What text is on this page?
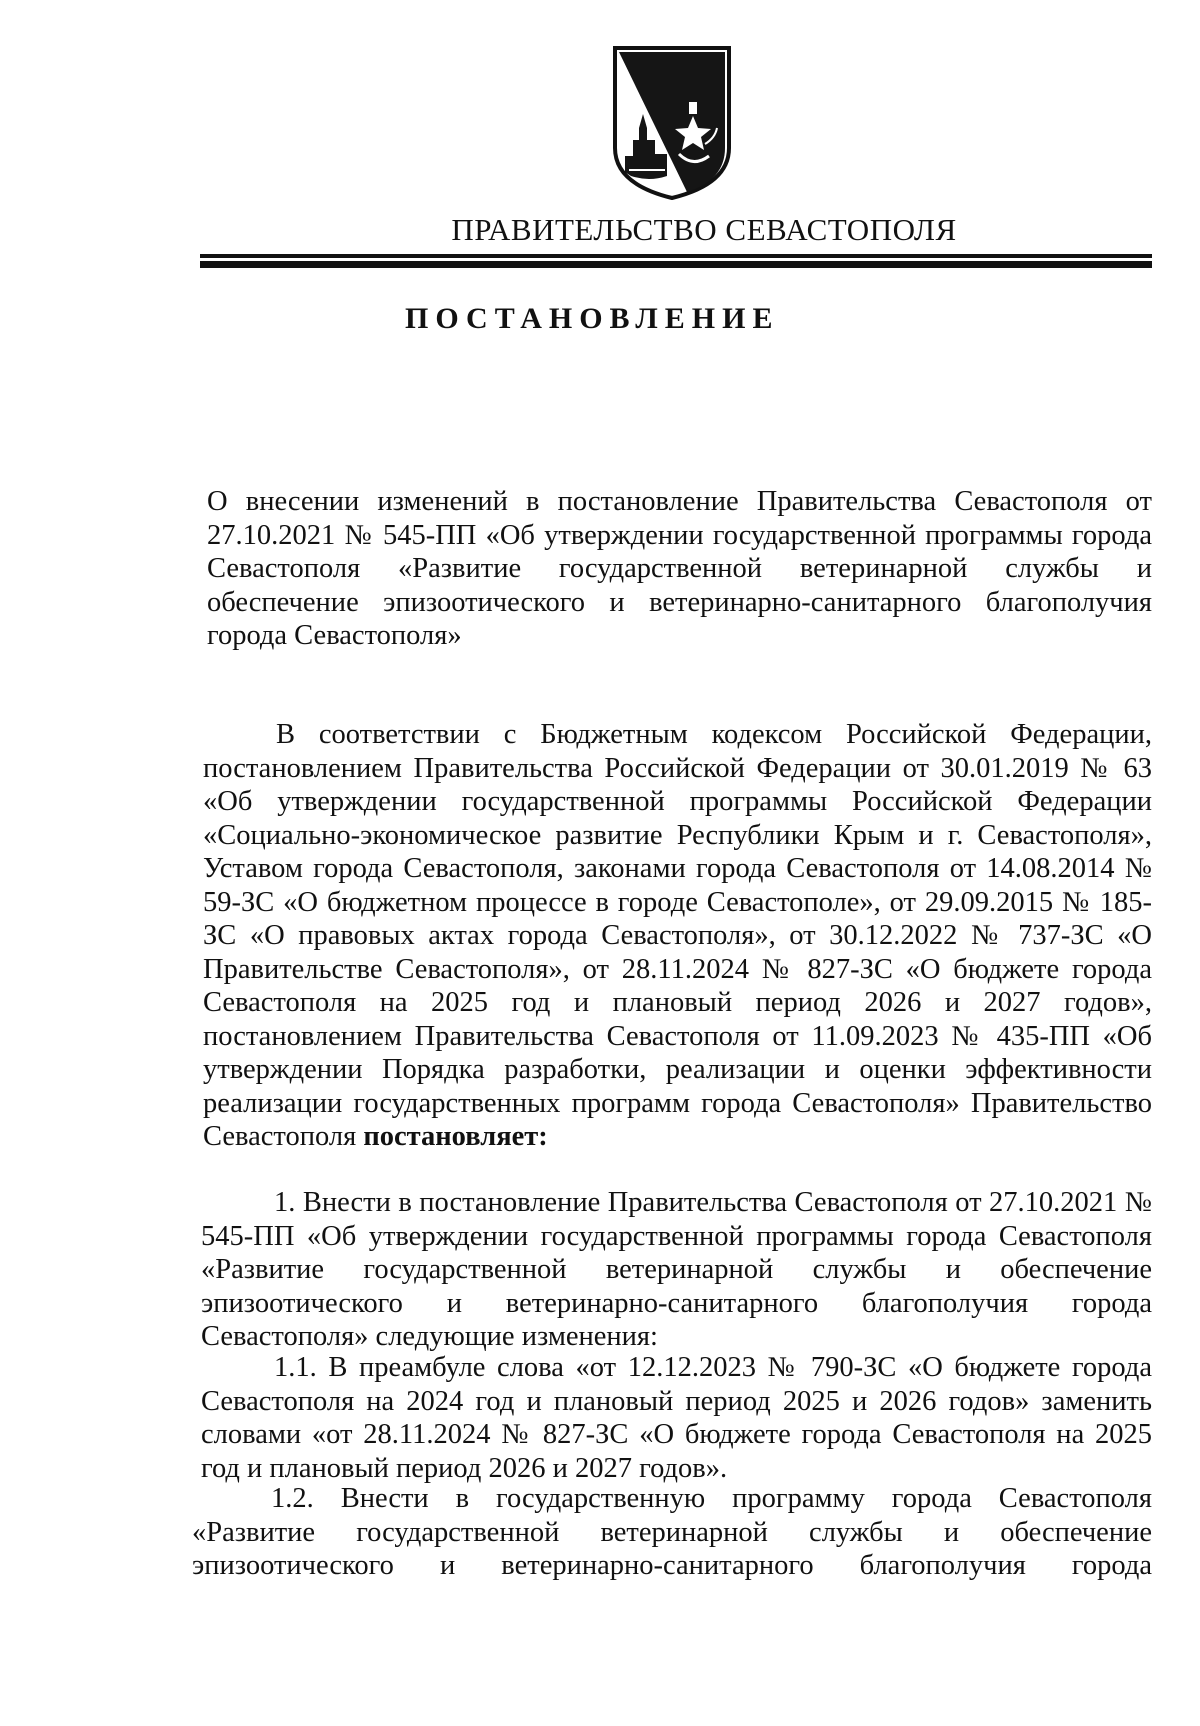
ПРАВИТЕЛЬСТВО СЕВАСТОПОЛЯ
ПОСТАНОВЛЕНИЕ

О внесении изменений в постановление Правительства Севастополя от 27.10.2021 № 545-ПП «Об утверждении государственной программы города Севастополя «Развитие государственной ветеринарной службы и обеспечение эпизоотического и ветеринарно-санитарного благополучия города Севастополя»

В соответствии с Бюджетным кодексом Российской Федерации, постановлением Правительства Российской Федерации от 30.01.2019 № 63 «Об утверждении государственной программы Российской Федерации «Социально-экономическое развитие Республики Крым и г. Севастополя», Уставом города Севастополя, законами города Севастополя от 14.08.2014 № 59-ЗС «О бюджетном процессе в городе Севастополе», от 29.09.2015 № 185-ЗС «О правовых актах города Севастополя», от 30.12.2022 № 737-ЗС «О Правительстве Севастополя», от 28.11.2024 № 827-ЗС «О бюджете города Севастополя на 2025 год и плановый период 2026 и 2027 годов», постановлением Правительства Севастополя от 11.09.2023 № 435-ПП «Об утверждении Порядка разработки, реализации и оценки эффективности реализации государственных программ города Севастополя» Правительство Севастополя постановляет:

1. Внести в постановление Правительства Севастополя от 27.10.2021 № 545-ПП «Об утверждении государственной программы города Севастополя «Развитие государственной ветеринарной службы и обеспечение эпизоотического и ветеринарно-санитарного благополучия города Севастополя» следующие изменения:

1.1. В преамбуле слова «от 12.12.2023 № 790-ЗС «О бюджете города Севастополя на 2024 год и плановый период 2025 и 2026 годов» заменить словами «от 28.11.2024 № 827-ЗС «О бюджете города Севастополя на 2025 год и плановый период 2026 и 2027 годов».

1.2. Внести в государственную программу города Севастополя «Развитие государственной ветеринарной службы и обеспечение эпизоотического и ветеринарно-санитарного благополучия города
